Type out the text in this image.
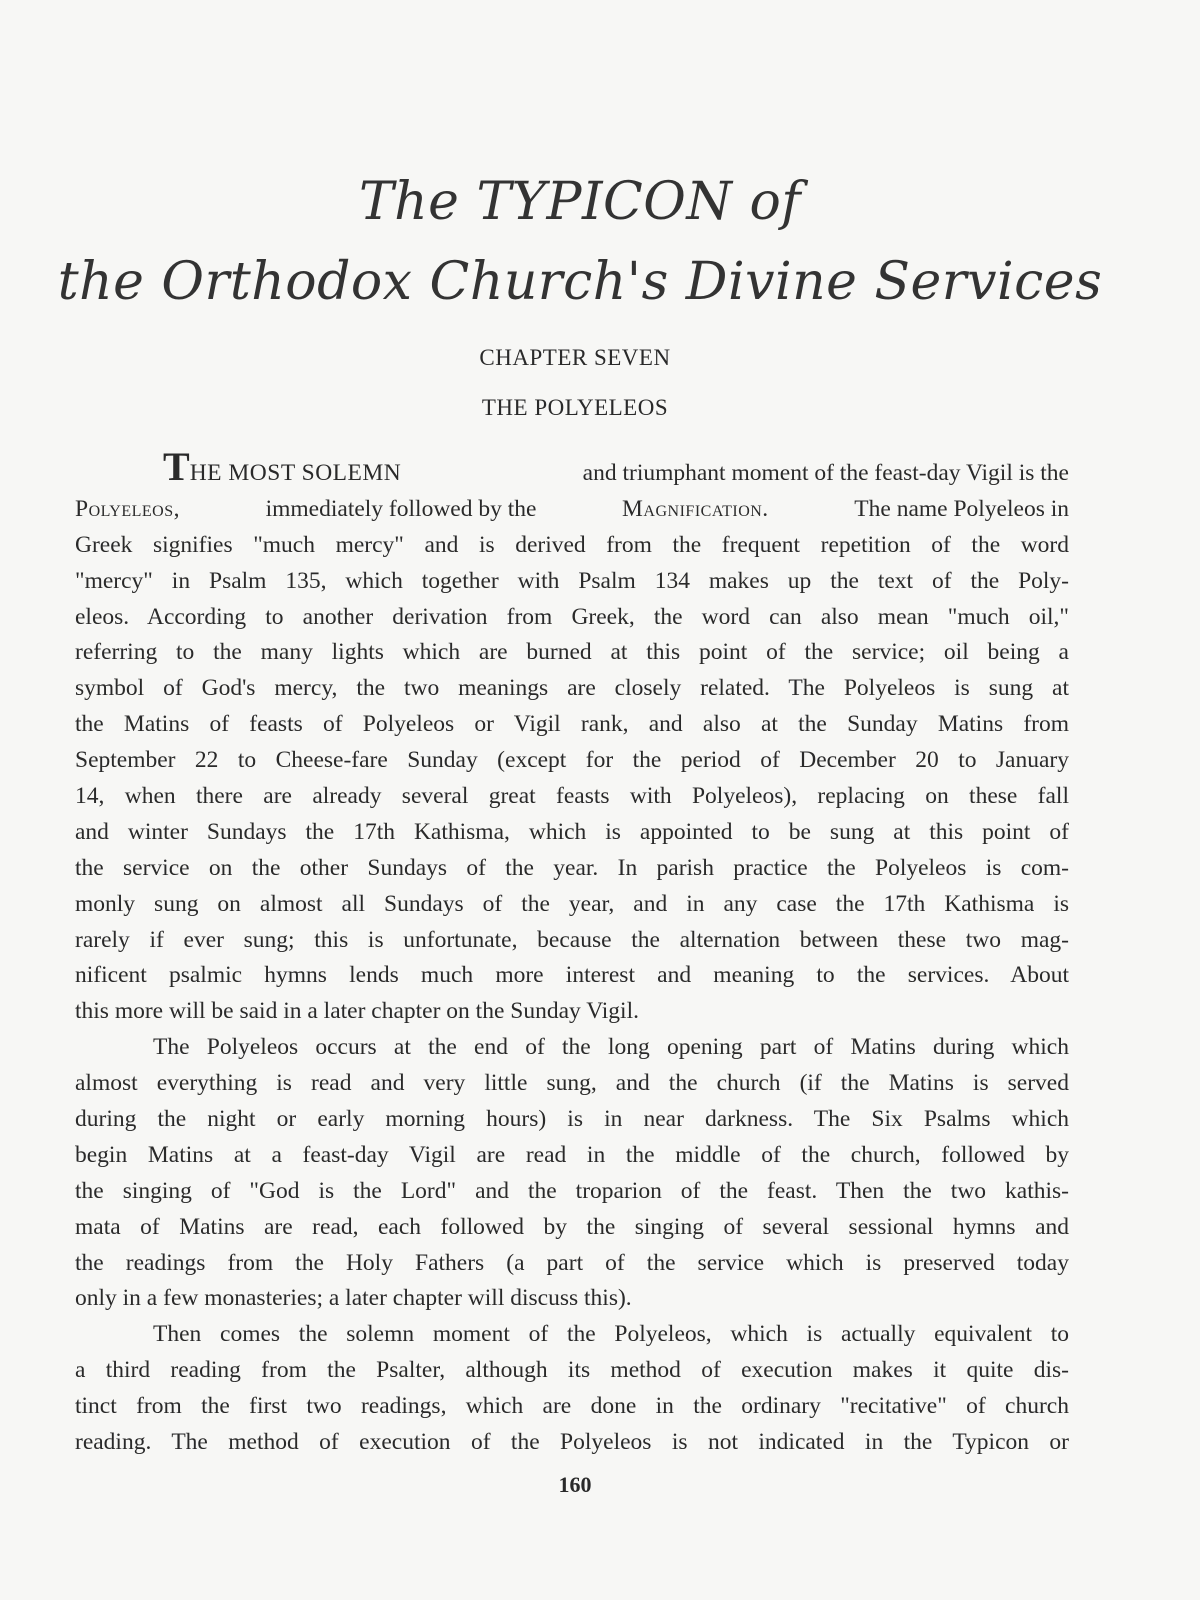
The TYPICON of
the Orthodox Church's Divine Services
CHAPTER SEVEN
THE POLYELEOS
THE MOST SOLEMN	and triumphant moment of the feast-day Vigil is the
Polyeleos,	immediately followed by the	Magnification.	The name Polyeleos in
Greek signifies "much mercy" and is derived from the frequent repetition of the word
"mercy" in Psalm 135, which together with Psalm 134 makes up the text of the Poly-
eleos. According to another derivation from Greek, the word can also mean "much oil,"
referring to the many lights which are burned at this point of the service; oil being a
symbol of God's mercy, the two meanings are closely related. The Polyeleos is sung at
the Matins of feasts of Polyeleos or Vigil rank, and also at the Sunday Matins from
September 22 to Cheese-fare Sunday (except for the period of December 20 to January
14, when there are already several great feasts with Polyeleos), replacing on these fall
and winter Sundays the 17th Kathisma, which is appointed to be sung at this point of
the service on the other Sundays of the year. In parish practice the Polyeleos is com-
monly sung on almost all Sundays of the year, and in any case the 17th Kathisma is
rarely if ever sung; this is unfortunate, because the alternation between these two mag-
nificent psalmic hymns lends much more interest and meaning to the services. About
this more will be said in a later chapter on the Sunday Vigil.
The Polyeleos occurs at the end of the long opening part of Matins during which
almost everything is read and very little sung, and the church (if the Matins is served
during the night or early morning hours) is in near darkness. The Six Psalms which
begin Matins at a feast-day Vigil are read in the middle of the church, followed by
the singing of "God is the Lord" and the troparion of the feast. Then the two kathis-
mata of Matins are read, each followed by the singing of several sessional hymns and
the readings from the Holy Fathers (a part of the service which is preserved today
only in a few monasteries; a later chapter will discuss this).
Then comes the solemn moment of the Polyeleos, which is actually equivalent to
a third reading from the Psalter, although its method of execution makes it quite dis-
tinct from the first two readings, which are done in the ordinary "recitative" of church
reading. The method of execution of the Polyeleos is not indicated in the Typicon or
160
